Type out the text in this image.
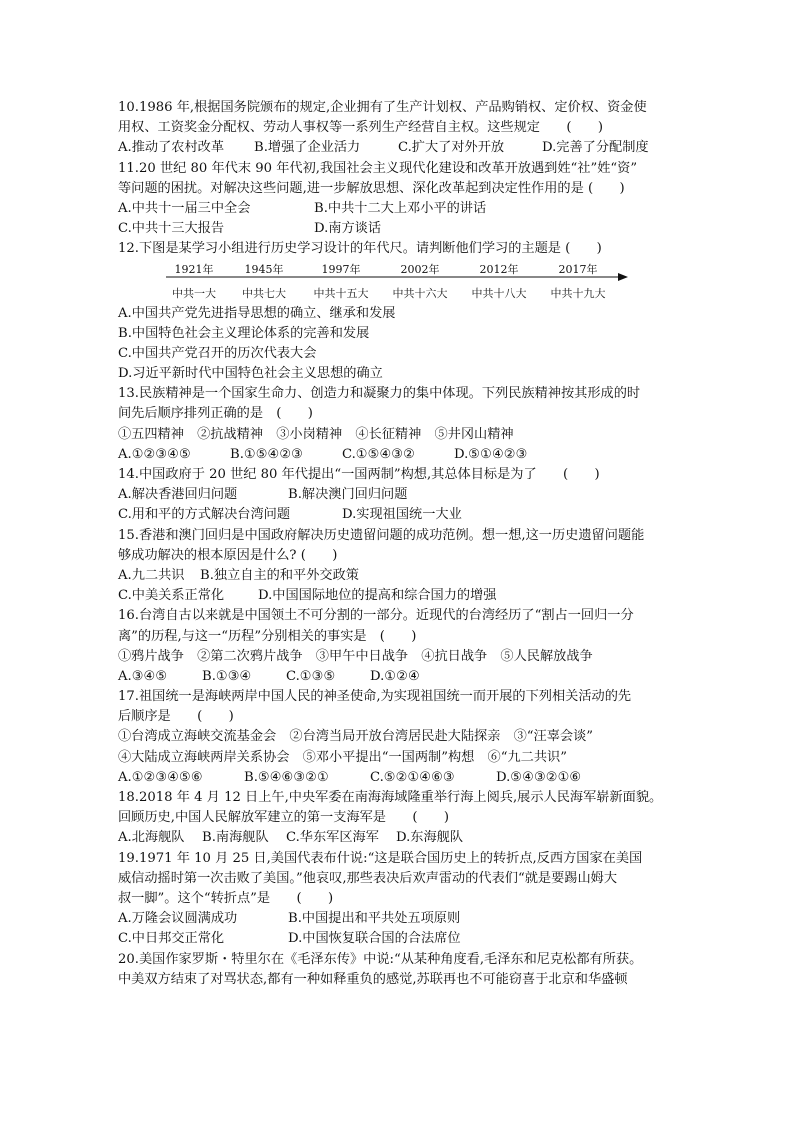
10.1986 年,根据国务院颁布的规定,企业拥有了生产计划权、产品购销权、定价权、资金使
用权、工资奖金分配权、劳动人事权等一系列生产经营自主权。这些规定　　(　　)
A.推动了农村改革	B.增强了企业活力	C.扩大了对外开放	D.完善了分配制度
11.20 世纪 80 年代末 90 年代初,我国社会主义现代化建设和改革开放遇到姓“社”姓“资”
等问题的困扰。对解决这些问题,进一步解放思想、深化改革起到决定性作用的是 (　　)
A.中共十一届三中全会	B.中共十二大上邓小平的讲话
C.中共十三大报告	D.南方谈话
12.下图是某学习小组进行历史学习设计的年代尺。请判断他们学习的主题是 (　　)
1921年	1945年	1997年	2002年	2012年	2017年
中共一大 中共七大	中共十五大 中共十六大 中共十八大 中共十九大
A.中国共产党先进指导思想的确立、继承和发展
B.中国特色社会主义理论体系的完善和发展
C.中国共产党召开的历次代表大会
D.习近平新时代中国特色社会主义思想的确立
13.民族精神是一个国家生命力、创造力和凝聚力的集中体现。下列民族精神按其形成的时
间先后顺序排列正确的是　(　　)
①五四精神　②抗战精神　③小岗精神　④长征精神　⑤井冈山精神
A.①②③④⑤	B.①⑤④②③	C.①⑤④③②	D.⑤①④②③
14.中国政府于 20 世纪 80 年代提出“一国两制”构想,其总体目标是为了　　(　　)
A.解决香港回归问题	B.解决澳门回归问题
C.用和平的方式解决台湾问题	D.实现祖国统一大业
15.香港和澳门回归是中国政府解决历史遗留问题的成功范例。想一想,这一历史遗留问题能
够成功解决的根本原因是什么? (　　)
A.九二共识	B.独立自主的和平外交政策
C.中美关系正常化	D.中国国际地位的提高和综合国力的增强
16.台湾自古以来就是中国领土不可分割的一部分。近现代的台湾经历了“割占一回归一分
离”的历程,与这一“历程”分别相关的事实是　(　　)
①鸦片战争　②第二次鸦片战争　③甲午中日战争　④抗日战争　⑤人民解放战争
A.③④⑤	B.①③④	C.①③⑤	D.①②④
17.祖国统一是海峡两岸中国人民的神圣使命,为实现祖国统一而开展的下列相关活动的先
后顺序是　　(　　)
①台湾成立海峡交流基金会　②台湾当局开放台湾居民赴大陆探亲　③“汪辜会谈”
④大陆成立海峡两岸关系协会　⑤邓小平提出“一国两制”构想　⑥“九二共识”
A.①②③④⑤⑥	B.⑤④⑥③②①	C.⑤②①④⑥③	D.⑤④③②①⑥
18.2018 年 4 月 12 日上午,中央军委在南海海域隆重举行海上阅兵,展示人民海军崭新面貌。
回顾历史,中国人民解放军建立的第一支海军是　　(　　)
A.北海舰队	B.南海舰队	C.华东军区海军	D.东海舰队
19.1971 年 10 月 25 日,美国代表布什说:“这是联合国历史上的转折点,反西方国家在美国
威信动摇时第一次击败了美国。”他哀叹,那些表决后欢声雷动的代表们“就是要踢山姆大
叔一脚”。这个“转折点”是　　(　　)
A.万隆会议圆满成功	B.中国提出和平共处五项原则
C.中日邦交正常化	D.中国恢复联合国的合法席位
20.美国作家罗斯・特里尔在《毛泽东传》中说:“从某种角度看,毛泽东和尼克松都有所获。
中美双方结束了对骂状态,都有一种如释重负的感觉,苏联再也不可能窃喜于北京和华盛顿
